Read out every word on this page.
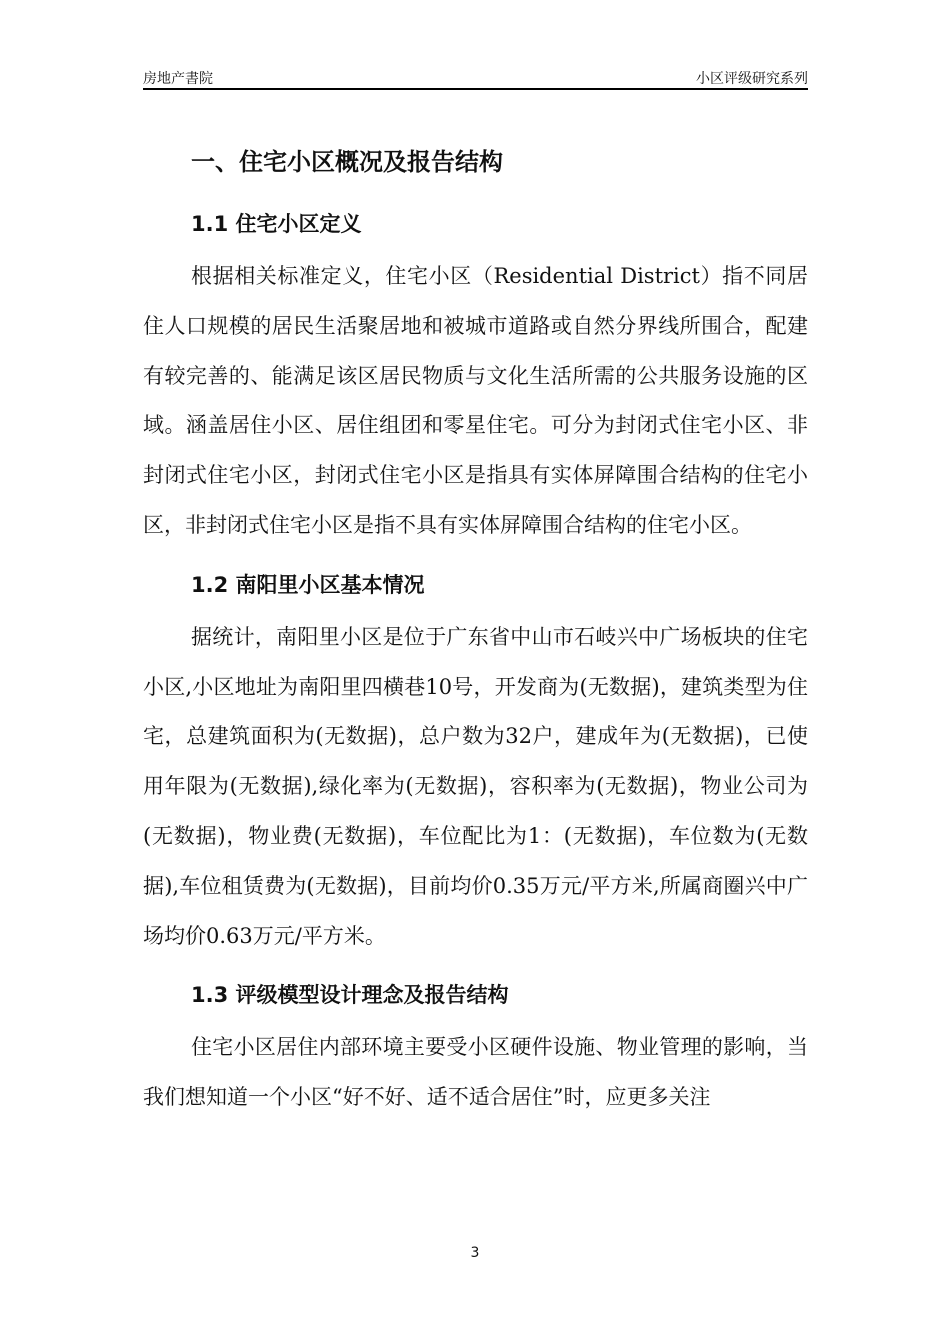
房地产書院	小区评级研究系列
一、住宅小区概况及报告结构
1.1 住宅小区定义

根据相关标准定义，住宅小区（Residential District）指不同居住人口规模的居民生活聚居地和被城市道路或自然分界线所围合，配建有较完善的、能满足该区居民物质与文化生活所需的公共服务设施的区域。涵盖居住小区、居住组团和零星住宅。可分为封闭式住宅小区、非封闭式住宅小区，封闭式住宅小区是指具有实体屏障围合结构的住宅小区，非封闭式住宅小区是指不具有实体屏障围合结构的住宅小区。

1.2 南阳里小区基本情况

据统计，南阳里小区是位于广东省中山市石岐兴中广场板块的住宅小区,小区地址为南阳里四横巷10号，开发商为(无数据)，建筑类型为住宅，总建筑面积为(无数据)，总户数为32户，建成年为(无数据)，已使用年限为(无数据),绿化率为(无数据)，容积率为(无数据)，物业公司为(无数据)，物业费(无数据)，车位配比为1：(无数据)，车位数为(无数据),车位租赁费为(无数据)，目前均价0.35万元/平方米,所属商圈兴中广场均价0.63万元/平方米。

1.3 评级模型设计理念及报告结构

住宅小区居住内部环境主要受小区硬件设施、物业管理的影响，当我们想知道一个小区“好不好、适不适合居住”时，应更多关注

3
